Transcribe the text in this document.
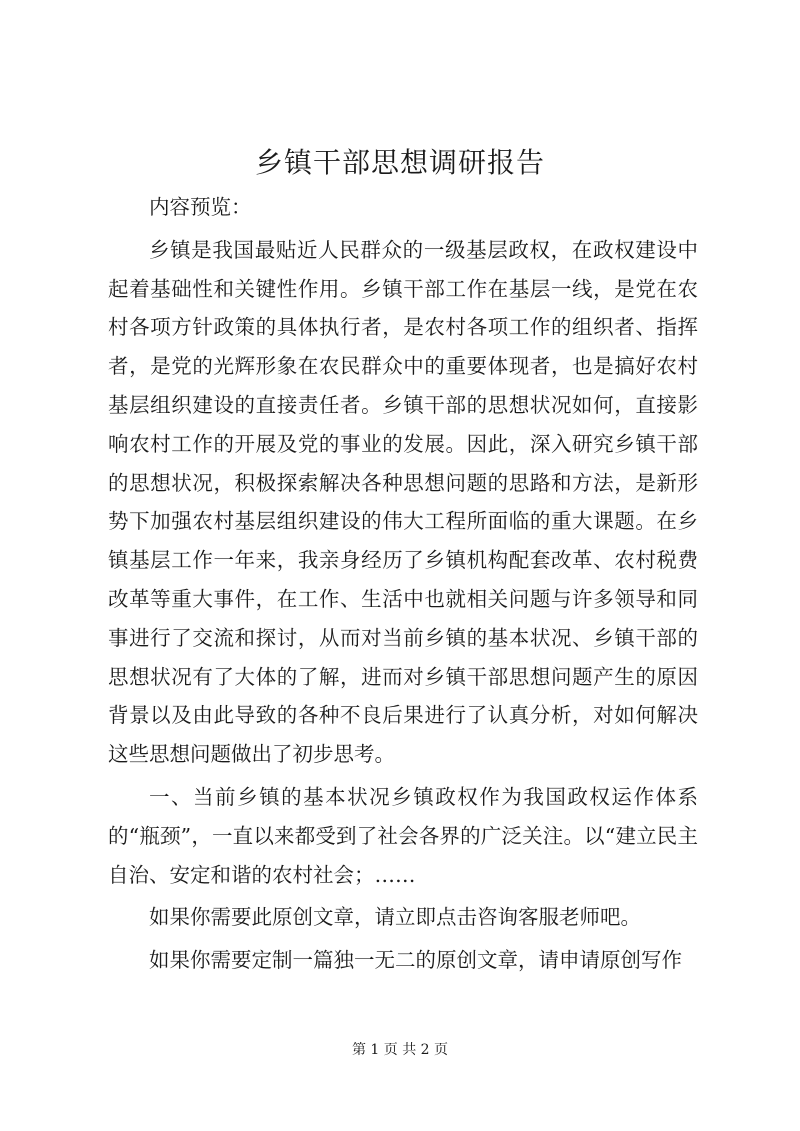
乡镇干部思想调研报告

内容预览：

乡镇是我国最贴近人民群众的一级基层政权，在政权建设中起着基础性和关键性作用。乡镇干部工作在基层一线，是党在农村各项方针政策的具体执行者，是农村各项工作的组织者、指挥者，是党的光辉形象在农民群众中的重要体现者，也是搞好农村基层组织建设的直接责任者。乡镇干部的思想状况如何，直接影响农村工作的开展及党的事业的发展。因此，深入研究乡镇干部的思想状况，积极探索解决各种思想问题的思路和方法，是新形势下加强农村基层组织建设的伟大工程所面临的重大课题。在乡镇基层工作一年来，我亲身经历了乡镇机构配套改革、农村税费改革等重大事件，在工作、生活中也就相关问题与许多领导和同事进行了交流和探讨，从而对当前乡镇的基本状况、乡镇干部的思想状况有了大体的了解，进而对乡镇干部思想问题产生的原因背景以及由此导致的各种不良后果进行了认真分析，对如何解决这些思想问题做出了初步思考。

一、当前乡镇的基本状况乡镇政权作为我国政权运作体系的“瓶颈”，一直以来都受到了社会各界的广泛关注。以“建立民主自治、安定和谐的农村社会；……

如果你需要此原创文章，请立即点击咨询客服老师吧。

如果你需要定制一篇独一无二的原创文章，请申请原创写作

第 1 页 共 2 页
